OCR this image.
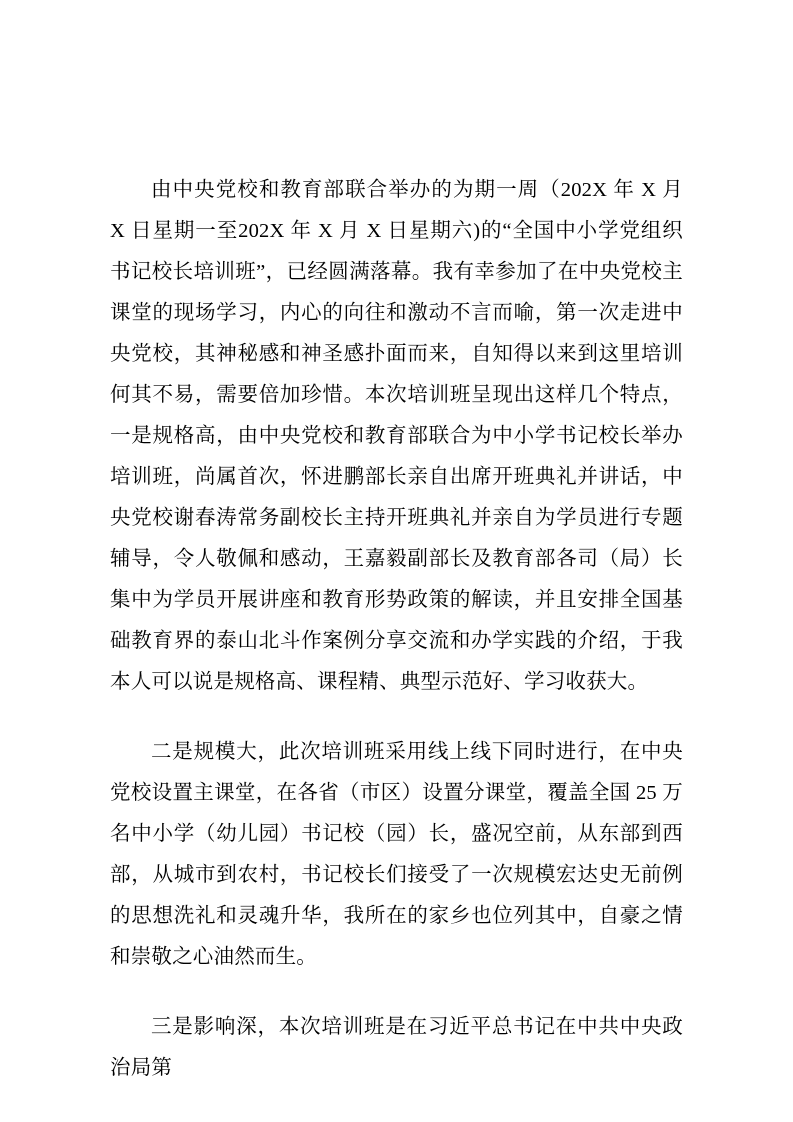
由中央党校和教育部联合举办的为期一周（202X 年 X 月 X 日星期一至202X 年 X 月 X 日星期六)的“全国中小学党组织书记校长培训班”，已经圆满落幕。我有幸参加了在中央党校主课堂的现场学习，内心的向往和激动不言而喻，第一次走进中央党校，其神秘感和神圣感扑面而来，自知得以来到这里培训何其不易，需要倍加珍惜。本次培训班呈现出这样几个特点，一是规格高，由中央党校和教育部联合为中小学书记校长举办培训班，尚属首次，怀进鹏部长亲自出席开班典礼并讲话，中央党校谢春涛常务副校长主持开班典礼并亲自为学员进行专题辅导，令人敬佩和感动，王嘉毅副部长及教育部各司（局）长集中为学员开展讲座和教育形势政策的解读，并且安排全国基础教育界的泰山北斗作案例分享交流和办学实践的介绍，于我本人可以说是规格高、课程精、典型示范好、学习收获大。

二是规模大，此次培训班采用线上线下同时进行，在中央党校设置主课堂，在各省（市区）设置分课堂，覆盖全国 25 万名中小学（幼儿园）书记校（园）长，盛况空前，从东部到西部，从城市到农村，书记校长们接受了一次规模宏达史无前例的思想洗礼和灵魂升华，我所在的家乡也位列其中，自豪之情和崇敬之心油然而生。

三是影响深，本次培训班是在习近平总书记在中共中央政治局第
